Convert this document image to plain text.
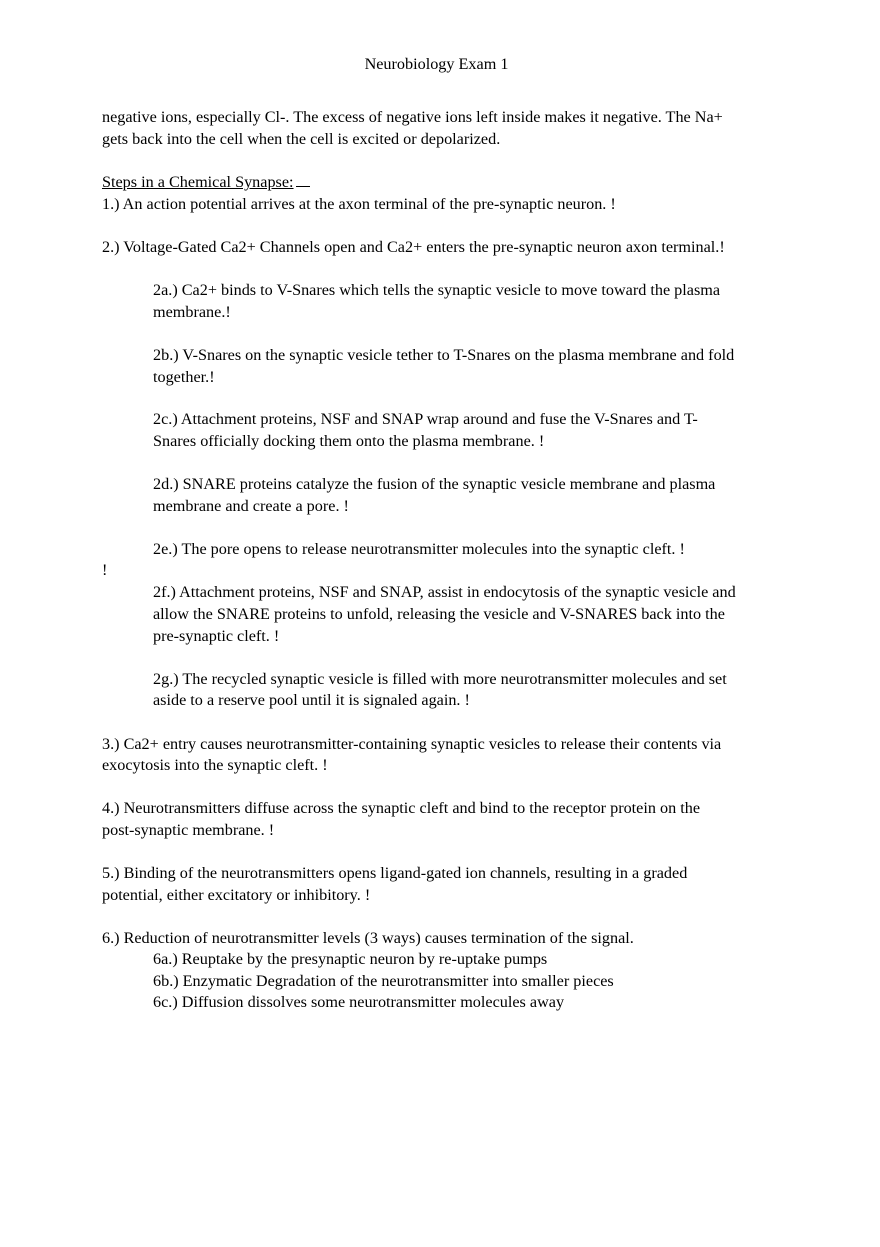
Neurobiology Exam 1
negative ions, especially Cl-. The excess of negative ions left inside makes it negative. The Na+
gets back into the cell when the cell is excited or depolarized.
Steps in a Chemical Synapse:
1.) An action potential arrives at the axon terminal of the pre-synaptic neuron. !
2.) Voltage-Gated Ca2+ Channels open and Ca2+ enters the pre-synaptic neuron axon terminal.!
2a.) Ca2+ binds to V-Snares which tells the synaptic vesicle to move toward the plasma
membrane.!
2b.) V-Snares on the synaptic vesicle tether to T-Snares on the plasma membrane and fold
together.!
2c.) Attachment proteins, NSF and SNAP wrap around and fuse the V-Snares and T-
Snares officially docking them onto the plasma membrane. !
2d.) SNARE proteins catalyze the fusion of the synaptic vesicle membrane and plasma
membrane and create a pore. !
2e.) The pore opens to release neurotransmitter molecules into the synaptic cleft. !
!
2f.) Attachment proteins, NSF and SNAP, assist in endocytosis of the synaptic vesicle and
allow the SNARE proteins to unfold, releasing the vesicle and V-SNARES back into the
pre-synaptic cleft. !
2g.) The recycled synaptic vesicle is filled with more neurotransmitter molecules and set
aside to a reserve pool until it is signaled again. !
3.) Ca2+ entry causes neurotransmitter-containing synaptic vesicles to release their contents via
exocytosis into the synaptic cleft. !
4.) Neurotransmitters diffuse across the synaptic cleft and bind to the receptor protein on the
post-synaptic membrane. !
5.) Binding of the neurotransmitters opens ligand-gated ion channels, resulting in a graded
potential, either excitatory or inhibitory. !
6.) Reduction of neurotransmitter levels (3 ways) causes termination of the signal.
6a.) Reuptake by the presynaptic neuron by re-uptake pumps
6b.) Enzymatic Degradation of the neurotransmitter into smaller pieces
6c.) Diffusion dissolves some neurotransmitter molecules away
